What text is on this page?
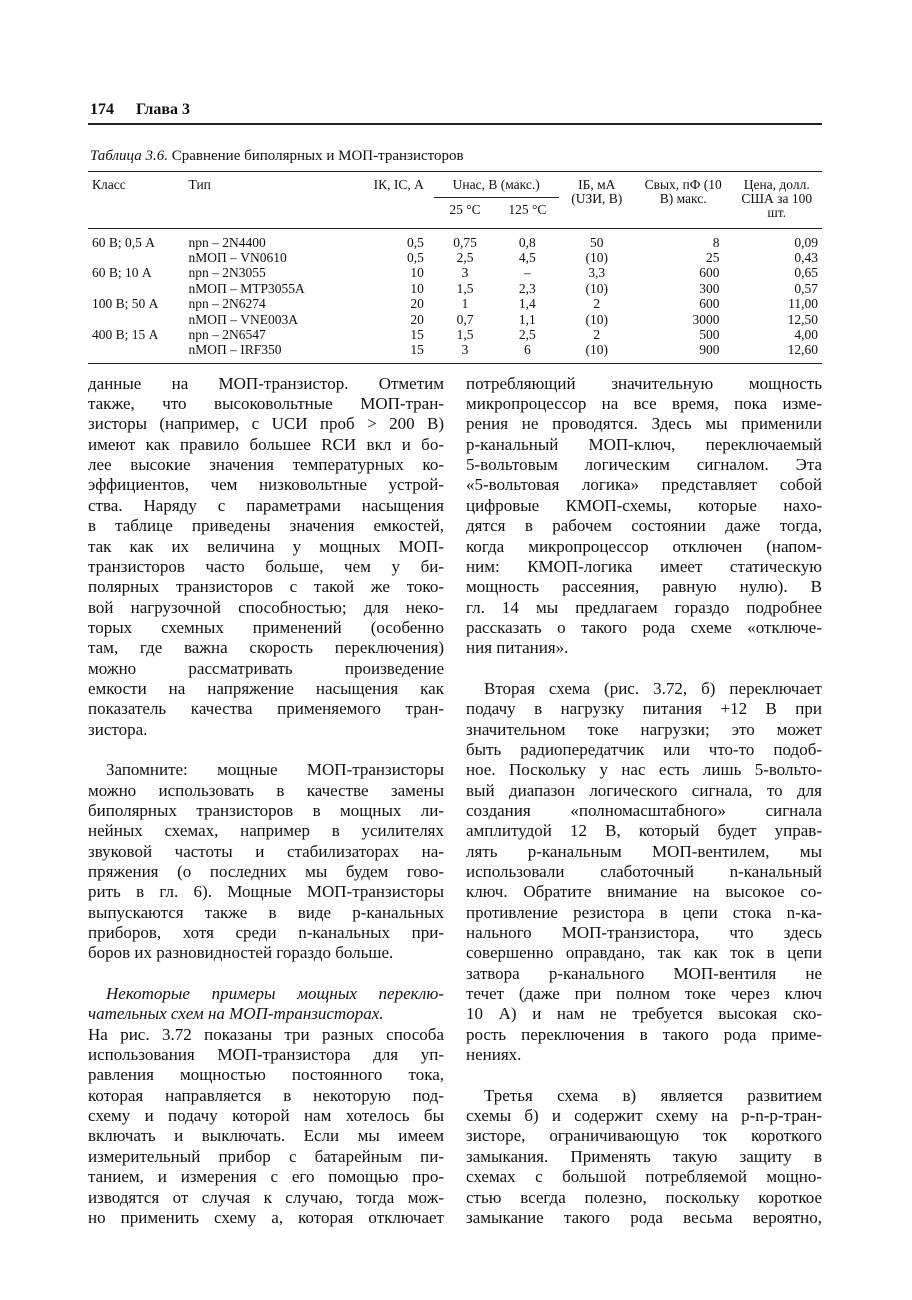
174 Глава 3
Таблица 3.6. Сравнение биполярных и МОП-транзисторов

Класс	Тип	IК, IС, А	Uнас, В (макс.)		IБ, мА (UЗИ, В)	Cвых, пФ (10 В) макс.	Цена, долл. США за 100 шт.
			25 °C	125 °C			

60 В; 0,5 А	npn – 2N4400	0,5	0,75	0,8	50	8	0,09
	nМОП – VN0610	0,5	2,5	4,5	(10)	25	0,43
60 В; 10 А	npn – 2N3055	10	3	–	3,3	600	0,65
	nМОП – MTP3055A	10	1,5	2,3	(10)	300	0,57
100 В; 50 А	npn – 2N6274	20	1	1,4	2	600	11,00
	nМОП – VNE003A	20	0,7	1,1	(10)	3000	12,50
400 В; 15 А	npn – 2N6547	15	1,5	2,5	2	500	4,00
	nМОП – IRF350	15	3	6	(10)	900	12,60

данные на МОП-транзистор. Отметим
также, что высоковольтные МОП-тран-
зисторы (например, с UСИ проб > 200 В)
имеют как правило большее RСИ вкл и бо-
лее высокие значения температурных ко-
эффициентов, чем низковольтные устрой-
ства. Наряду с параметрами насыщения
в таблице приведены значения емкостей,
так как их величина у мощных МОП-
транзисторов часто больше, чем у би-
полярных транзисторов с такой же токо-
вой нагрузочной способностью; для неко-
торых схемных применений (особенно
там, где важна скорость переключения)
можно рассматривать произведение
емкости на напряжение насыщения как
показатель качества применяемого тран-
зистора.
Запомните: мощные МОП-транзисторы
можно использовать в качестве замены
биполярных транзисторов в мощных ли-
нейных схемах, например в усилителях
звуковой частоты и стабилизаторах на-
пряжения (о последних мы будем гово-
рить в гл. 6). Мощные МОП-транзисторы
выпускаются также в виде р-канальных
приборов, хотя среди n-канальных при-
боров их разновидностей гораздо больше.
Некоторые примеры мощных переклю-
чательных схем на МОП-транзисторах.
На рис. 3.72 показаны три разных способа
использования МОП-транзистора для уп-
равления мощностью постоянного тока,
которая направляется в некоторую под-
схему и подачу которой нам хотелось бы
включать и выключать. Если мы имеем
измерительный прибор с батарейным пи-
танием, и измерения с его помощью про-
изводятся от случая к случаю, тогда мож-
но применить схему а, которая отключает
потребляющий значительную мощность
микропроцессор на все время, пока изме-
рения не проводятся. Здесь мы применили
р-канальный МОП-ключ, переключаемый
5-вольтовым логическим сигналом. Эта
«5-вольтовая логика» представляет собой
цифровые КМОП-схемы, которые нахо-
дятся в рабочем состоянии даже тогда,
когда микропроцессор отключен (напом-
ним: КМОП-логика имеет статическую
мощность рассеяния, равную нулю). В
гл. 14 мы предлагаем гораздо подробнее
рассказать о такого рода схеме «отключе-
ния питания».
Вторая схема (рис. 3.72, б) переключает
подачу в нагрузку питания +12 В при
значительном токе нагрузки; это может
быть радиопередатчик или что-то подоб-
ное. Поскольку у нас есть лишь 5-вольто-
вый диапазон логического сигнала, то для
создания «полномасштабного» сигнала
амплитудой 12 В, который будет управ-
лять р-канальным МОП-вентилем, мы
использовали слаботочный n-канальный
ключ. Обратите внимание на высокое со-
противление резистора в цепи стока n-ка-
нального МОП-транзистора, что здесь
совершенно оправдано, так как ток в цепи
затвора р-канального МОП-вентиля не
течет (даже при полном токе через ключ
10 А) и нам не требуется высокая ско-
рость переключения в такого рода приме-
нениях.
Третья схема в) является развитием
схемы б) и содержит схему на р-n-р-тран-
зисторе, ограничивающую ток короткого
замыкания. Применять такую защиту в
схемах с большой потребляемой мощно-
стью всегда полезно, поскольку короткое
замыкание такого рода весьма вероятно,
